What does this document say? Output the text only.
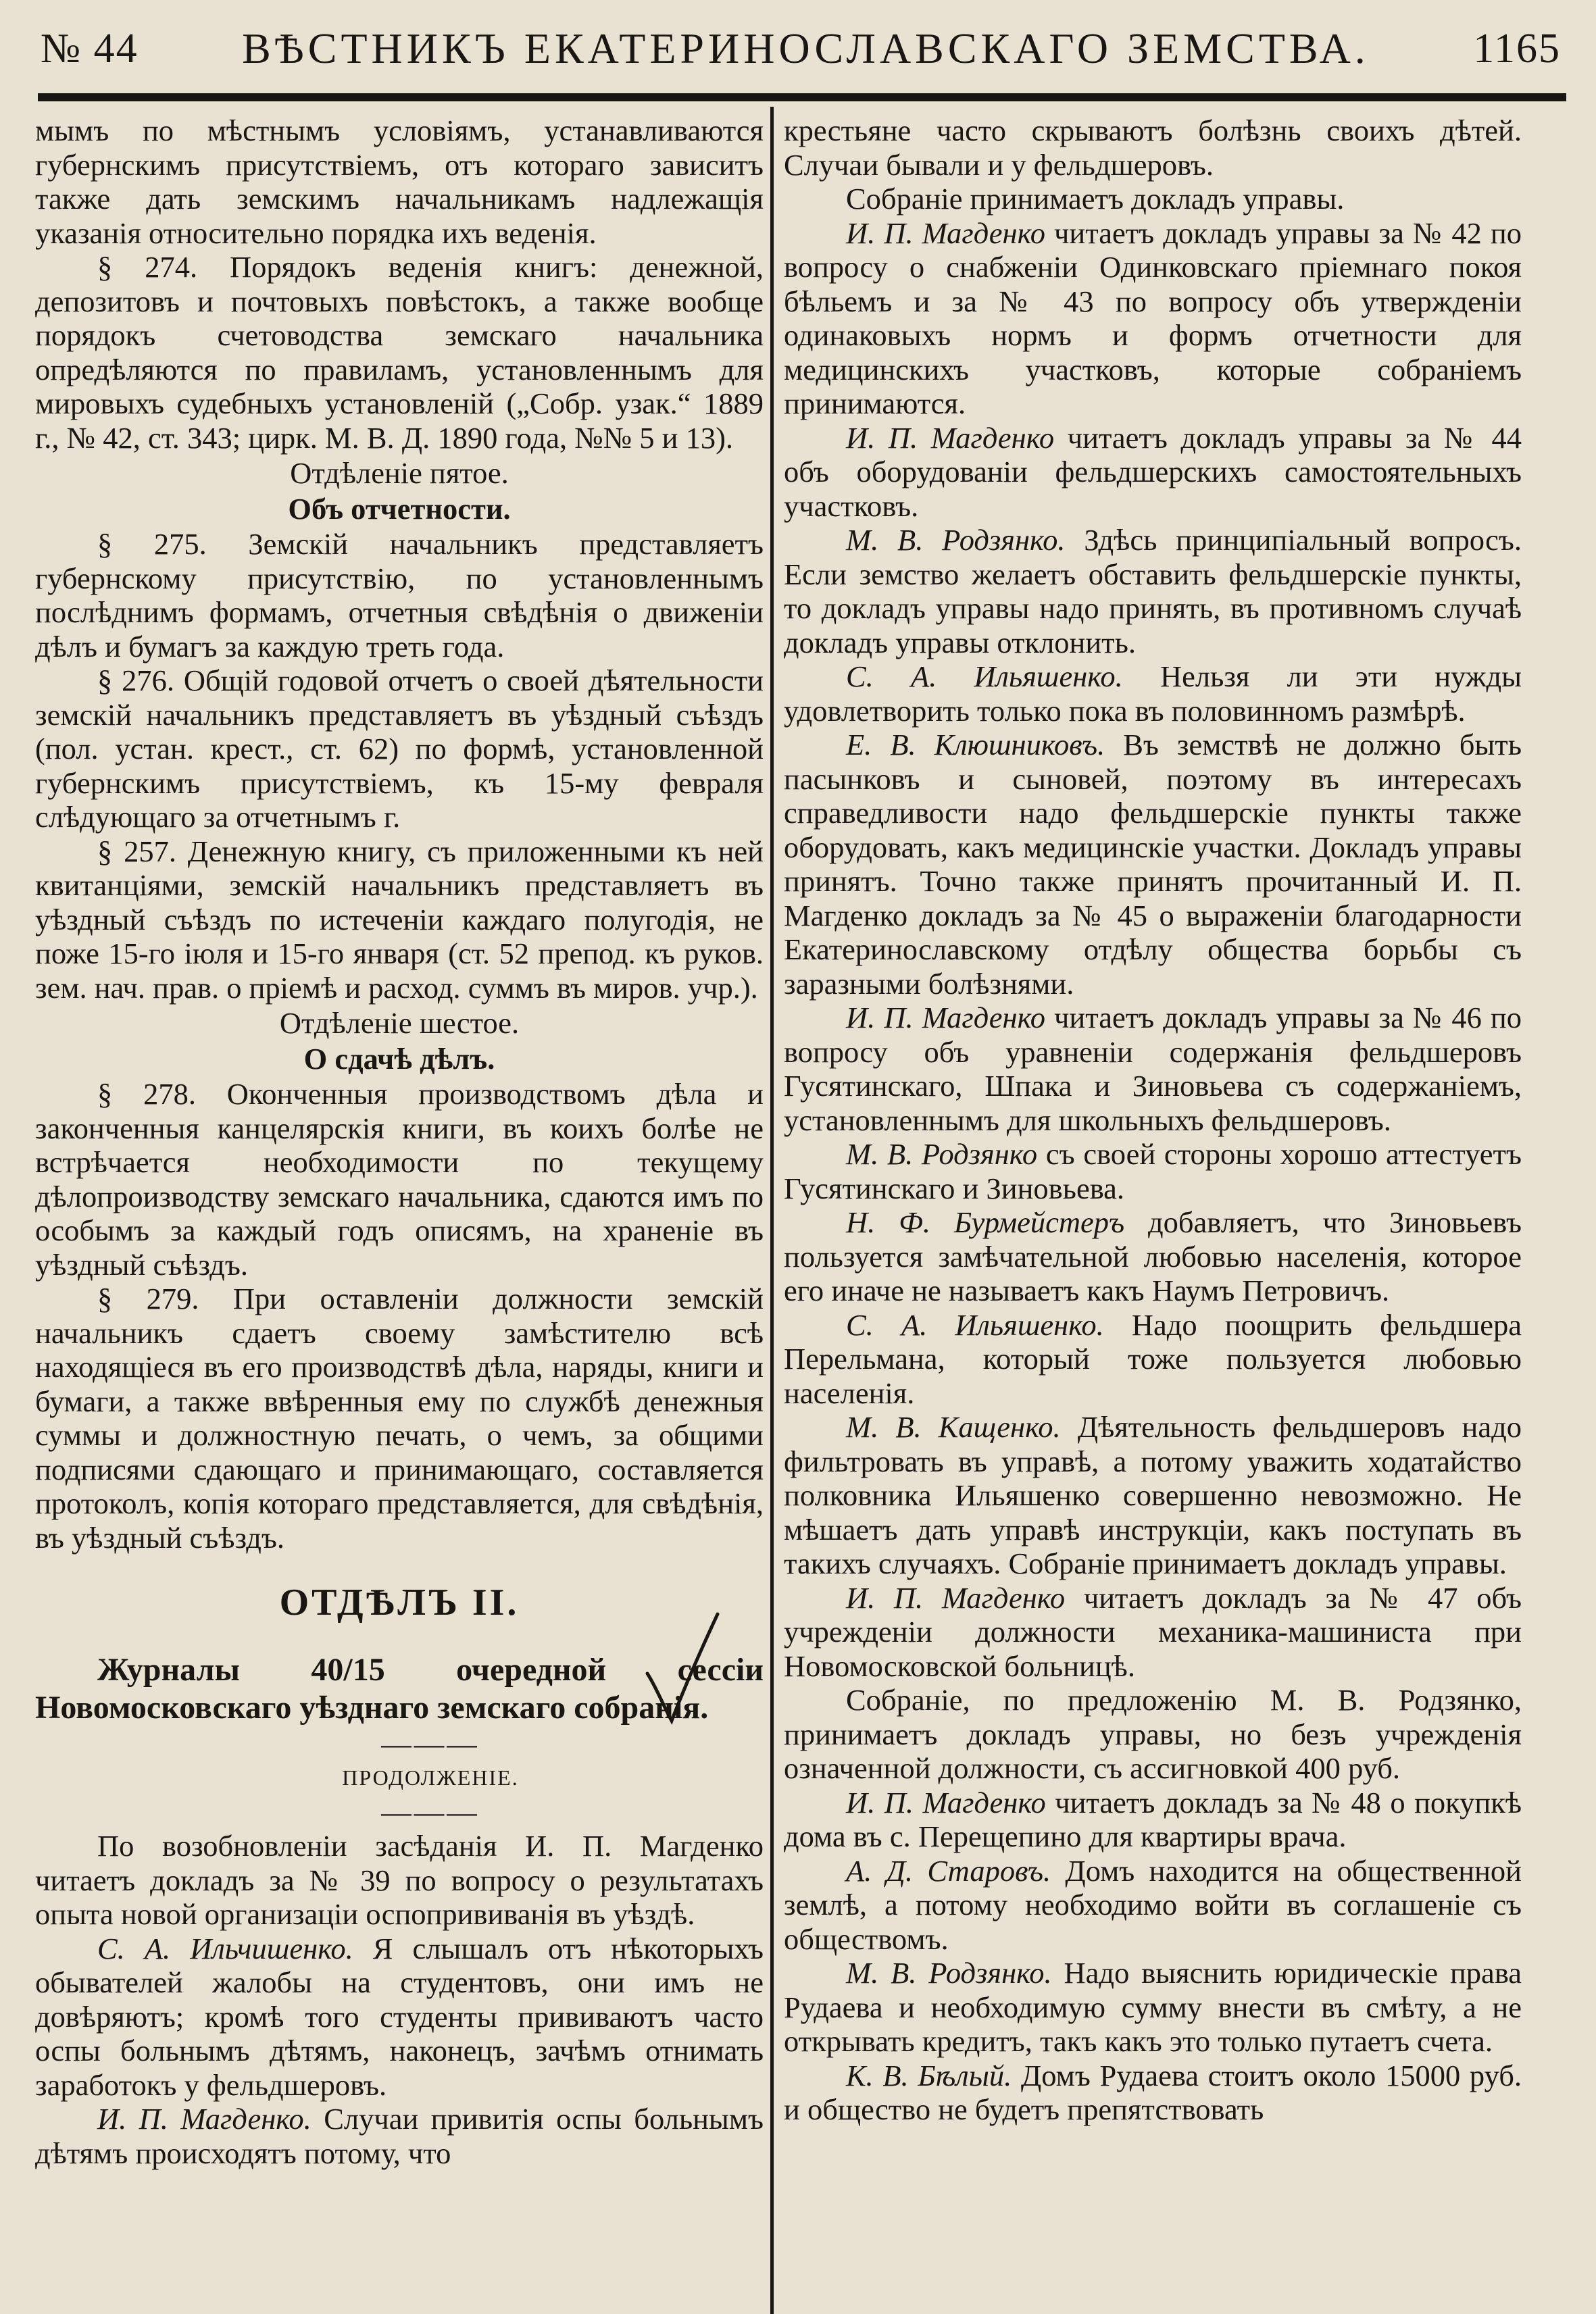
№ 44 ВѢСТНИКЪ ЕКАТЕРИНОСЛАВСКАГО ЗЕМСТВА. 1165

мымъ по мѣстнымъ условіямъ, устанавливаются губернскимъ присутствіемъ, отъ котораго зависитъ также дать земскимъ начальникамъ надлежащія указанія относительно порядка ихъ веденія.

§ 274. Порядокъ веденія книгъ: денежной, депозитовъ и почтовыхъ повѣстокъ, а также вообще порядокъ счетоводства земскаго начальника опредѣляются по правиламъ, установленнымъ для мировыхъ судебныхъ установленій („Собр. узак.“ 1889 г., № 42, ст. 343; цирк. М. В. Д. 1890 года, №№ 5 и 13).

Отдѣленіе пятое.

Объ отчетности.

§ 275. Земскій начальникъ представляетъ губернскому присутствію, по установленнымъ послѣднимъ формамъ, отчетныя свѣдѣнія о движеніи дѣлъ и бумагъ за каждую треть года.

§ 276. Общій годовой отчетъ о своей дѣятельности земскій начальникъ представляетъ въ уѣздный съѣздъ (пол. устан. крест., ст. 62) по формѣ, установленной губернскимъ присутствіемъ, къ 15-му февраля слѣдующаго за отчетнымъ г.

§ 257. Денежную книгу, съ приложенными къ ней квитанціями, земскій начальникъ представляетъ въ уѣздный съѣздъ по истеченіи каждаго полугодія, не поже 15-го іюля и 15-го января (ст. 52 препод. къ руков. зем. нач. прав. о пріемѣ и расход. суммъ въ миров. учр.).

Отдѣленіе шестое.

О сдачѣ дѣлъ.

§ 278. Оконченныя производствомъ дѣла и законченныя канцелярскія книги, въ коихъ болѣе не встрѣчается необходимости по текущему дѣлопроизводству земскаго начальника, сдаются имъ по особымъ за каждый годъ описямъ, на храненіе въ уѣздный съѣздъ.

§ 279. При оставленіи должности земскій начальникъ сдаетъ своему замѣстителю всѣ находящіеся въ его производствѣ дѣла, наряды, книги и бумаги, а также ввѣренныя ему по службѣ денежныя суммы и должностную печать, о чемъ, за общими подписями сдающаго и принимающаго, составляется протоколъ, копія котораго представляется, для свѣдѣнія, въ уѣздный съѣздъ.

ОТДѢЛЪ II.

Журналы 40/15 очередной сессіи Новомосковскаго уѣзднаго земскаго собранія.

———

ПРОДОЛЖЕНІЕ.

———

По возобновленіи засѣданія И. П. Магденко читаетъ докладъ за № 39 по вопросу о результатахъ опыта новой организаціи оспопрививанія въ уѣздѣ.

С. А. Ильчишенко. Я слышалъ отъ нѣкоторыхъ обывателей жалобы на студентовъ, они имъ не довѣряютъ; кромѣ того студенты прививаютъ часто оспы больнымъ дѣтямъ, наконецъ, зачѣмъ отнимать заработокъ у фельдшеровъ.

И. П. Магденко. Случаи привитія оспы больнымъ дѣтямъ происходятъ потому, что

крестьяне часто скрываютъ болѣзнь своихъ дѣтей. Случаи бывали и у фельдшеровъ.

Собраніе принимаетъ докладъ управы.

И. П. Магденко читаетъ докладъ управы за № 42 по вопросу о снабженіи Одинковскаго пріемнаго покоя бѣльемъ и за № 43 по вопросу объ утвержденіи одинаковыхъ нормъ и формъ отчетности для медицинскихъ участковъ, которые собраніемъ принимаются.

И. П. Магденко читаетъ докладъ управы за № 44 объ оборудованіи фельдшерскихъ самостоятельныхъ участковъ.

М. В. Родзянко. Здѣсь принципіальный вопросъ. Если земство желаетъ обставить фельдшерскіе пункты, то докладъ управы надо принять, въ противномъ случаѣ докладъ управы отклонить.

С. А. Ильяшенко. Нельзя ли эти нужды удовлетворить только пока въ половинномъ размѣрѣ.

Е. В. Клюшниковъ. Въ земствѣ не должно быть пасынковъ и сыновей, поэтому въ интересахъ справедливости надо фельдшерскіе пункты также оборудовать, какъ медицинскіе участки. Докладъ управы принятъ. Точно также принятъ прочитанный И. П. Магденко докладъ за № 45 о выраженіи благодарности Екатеринославскому отдѣлу общества борьбы съ заразными болѣзнями.

И. П. Магденко читаетъ докладъ управы за № 46 по вопросу объ уравненіи содержанія фельдшеровъ Гусятинскаго, Шпака и Зиновьева съ содержаніемъ, установленнымъ для школьныхъ фельдшеровъ.

М. В. Родзянко съ своей стороны хорошо аттестуетъ Гусятинскаго и Зиновьева.

Н. Ф. Бурмейстеръ добавляетъ, что Зиновьевъ пользуется замѣчательной любовью населенія, которое его иначе не называетъ какъ Наумъ Петровичъ.

С. А. Ильяшенко. Надо поощрить фельдшера Перельмана, который тоже пользуется любовью населенія.

М. В. Кащенко. Дѣятельность фельдшеровъ надо фильтровать въ управѣ, а потому уважить ходатайство полковника Ильяшенко совершенно невозможно. Не мѣшаетъ дать управѣ инструкціи, какъ поступать въ такихъ случаяхъ. Собраніе принимаетъ докладъ управы.

И. П. Магденко читаетъ докладъ за № 47 объ учрежденіи должности механика-машиниста при Новомосковской больницѣ.

Собраніе, по предложенію М. В. Родзянко, принимаетъ докладъ управы, но безъ учрежденія означенной должности, съ ассигновкой 400 руб.

И. П. Магденко читаетъ докладъ за № 48 о покупкѣ дома въ с. Перещепино для квартиры врача.

А. Д. Старовъ. Домъ находится на общественной землѣ, а потому необходимо войти въ соглашеніе съ обществомъ.

М. В. Родзянко. Надо выяснить юридическіе права Рудаева и необходимую сумму внести въ смѣту, а не открывать кредитъ, такъ какъ это только путаетъ счета.

К. В. Бѣлый. Домъ Рудаева стоитъ около 15000 руб. и общество не будетъ препятствовать
